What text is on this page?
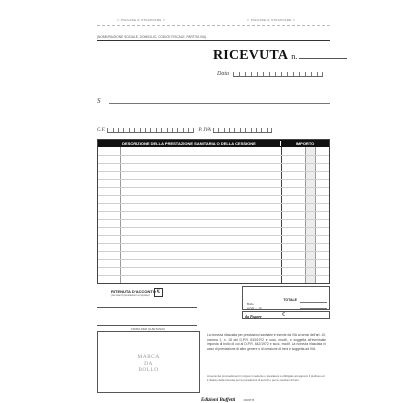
✂ PIEGARE E STRAPPARE ✂	✂ PIEGARE E STRAPPARE ✂
(NOME/RAGIONE SOCIALE, DOMICILIO, CODICE FISCALE, PARTITA IVA)
RICEVUTA n.
Data
S
C.F.	P. IVA
DESCRIZIONE DELLA PRESTAZIONE SANITARIA O DELLA CESSIONE	IMPORTO
RITENUTA D'ACCONTO
(nei casi di prestazioni a imprese)
€
TOTALE
Bollo
a.IVA......%
da Pagare	€
FIRMA PER QUIETANZA
MARCA
DA
BOLLO
La ricevuta rilasciata per prestazioni sanitarie è esente da IVA ai sensi dell'art. 10, comma 1, n. 18 del D.P.R. 633/1972 e succ. modif., e soggetta all'eventuale imposta di bollo di cui al D.P.R. 642/1972 e succ. modif. La ricevuta rilasciata in caso di prestazione di altro genere o di cessione di beni è soggetta ad IVA.
Ai sensi dei provvedimenti in vigore il cedente o prestatore è obbligato ad apporre il prefisso ed il rilascio della ricevuta per le prestazioni di servizi e per le cessioni di beni.
Edizioni Buffetti	1609T.B
